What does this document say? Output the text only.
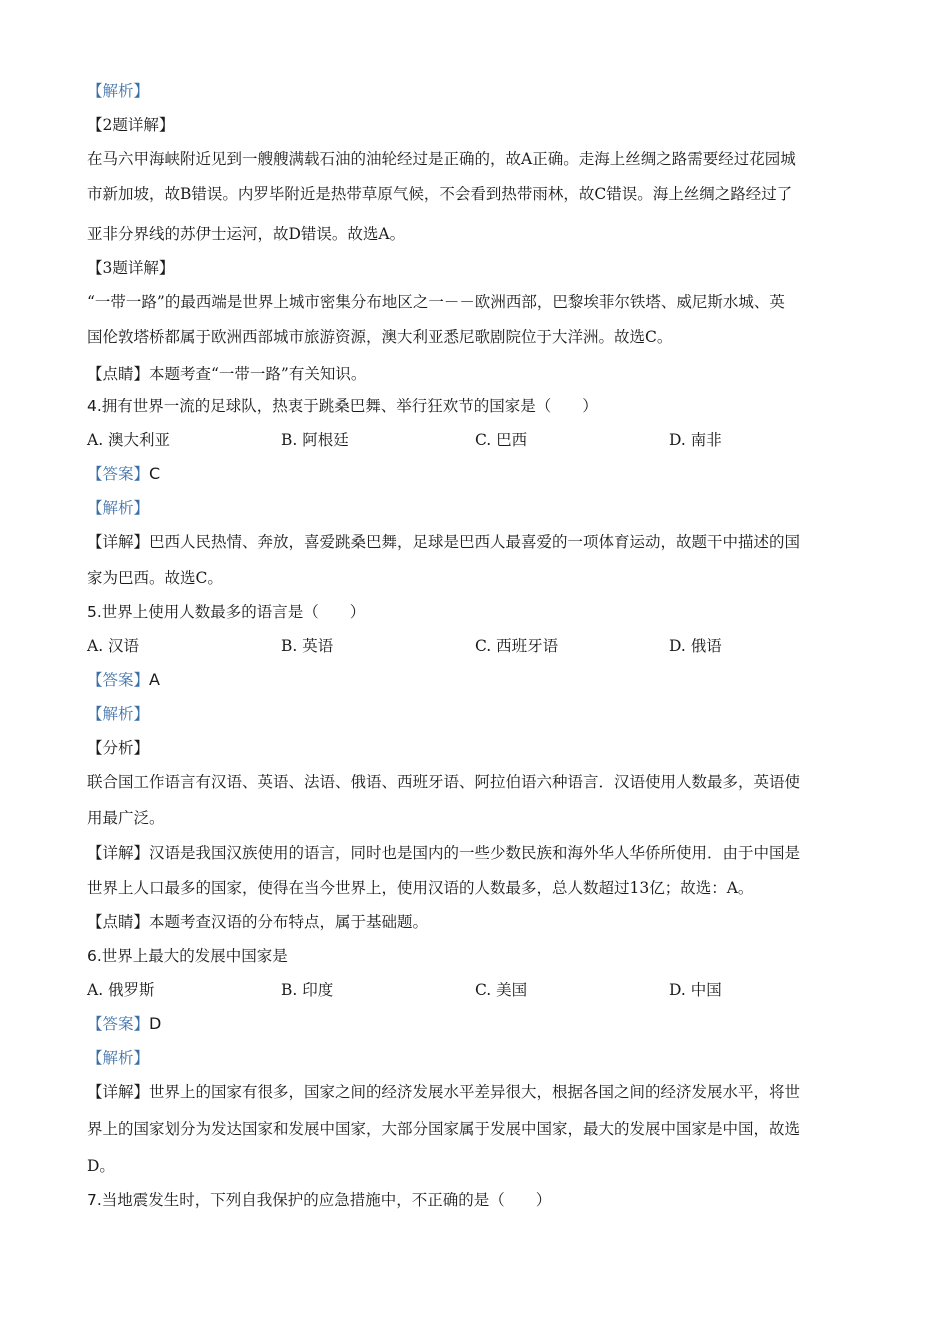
【解析】
【2题详解】
在马六甲海峡附近见到一艘艘满载石油的油轮经过是正确的，故A正确。走海上丝绸之路需要经过花园城
市新加坡，故B错误。内罗毕附近是热带草原气候，不会看到热带雨林，故C错误。海上丝绸之路经过了
亚非分界线的苏伊士运河，故D错误。故选A。
【3题详解】
“一带一路”的最西端是世界上城市密集分布地区之一－－欧洲西部，巴黎埃菲尔铁塔、威尼斯水城、英
国伦敦塔桥都属于欧洲西部城市旅游资源，澳大利亚悉尼歌剧院位于大洋洲。故选C。
【点睛】本题考查“一带一路”有关知识。
4.拥有世界一流的足球队，热衷于跳桑巴舞、举行狂欢节的国家是（　　）
A. 澳大利亚	B. 阿根廷	C. 巴西	D. 南非
【答案】C
【解析】
【详解】巴西人民热情、奔放，喜爱跳桑巴舞，足球是巴西人最喜爱的一项体育运动，故题干中描述的国
家为巴西。故选C。
5.世界上使用人数最多的语言是（　　）
A. 汉语	B. 英语	C. 西班牙语	D. 俄语
【答案】A
【解析】
【分析】
联合国工作语言有汉语、英语、法语、俄语、西班牙语、阿拉伯语六种语言．汉语使用人数最多，英语使
用最广泛。
【详解】汉语是我国汉族使用的语言，同时也是国内的一些少数民族和海外华人华侨所使用．由于中国是
世界上人口最多的国家，使得在当今世界上，使用汉语的人数最多，总人数超过13亿；故选：A。
【点睛】本题考查汉语的分布特点，属于基础题。
6.世界上最大的发展中国家是
A. 俄罗斯	B. 印度	C. 美国	D. 中国
【答案】D
【解析】
【详解】世界上的国家有很多，国家之间的经济发展水平差异很大，根据各国之间的经济发展水平，将世
界上的国家划分为发达国家和发展中国家，大部分国家属于发展中国家，最大的发展中国家是中国，故选
D。
7.当地震发生时，下列自我保护的应急措施中，不正确的是（　　）
